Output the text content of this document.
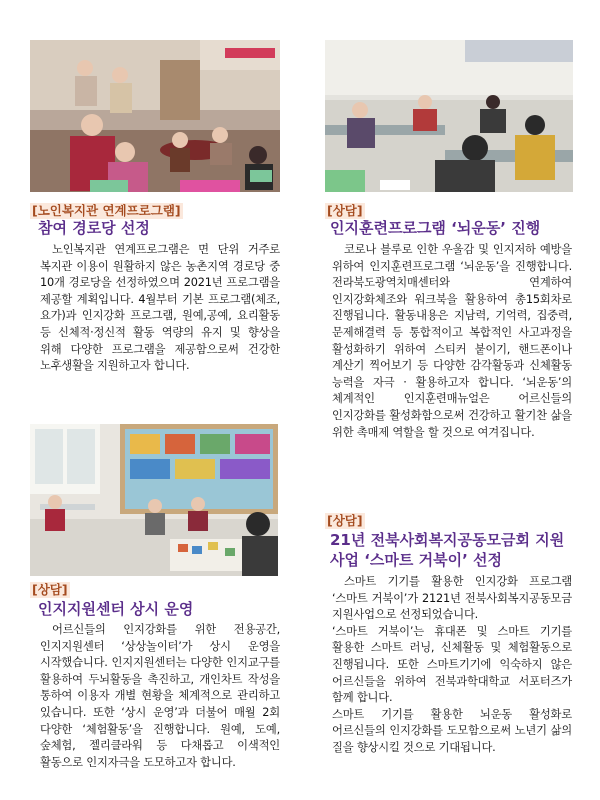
[노인복지관 연계프로그램]
참여 경로당 선정

노인복지관 연계프로그램은 면 단위 거주로 복지관 이용이 원활하지 않은 농촌지역 경로당 중 10개 경로당을 선정하였으며 2021년 프로그램을 제공할 계획입니다. 4월부터 기본 프로그램(체조, 요가)과 인지강화 프로그램, 원예,공예, 요리활동 등 신체적·정신적 활동 역량의 유지 및 향상을 위해 다양한 프로그램을 제공함으로써 건강한 노후생활을 지원하고자 합니다.

[상담]
인지훈련프로그램 ‘뇌운동’ 진행

코로나 블루로 인한 우울감 및 인지저하 예방을 위하여 인지훈련프로그램 ‘뇌운동’을 진행합니다. 전라북도광역치매센터와 연계하여 인지강화체조와 워크북을 활용하여 총15회차로 진행됩니다. 활동내용은 지남력, 기억력, 집중력, 문제해결력 등 통합적이고 복합적인 사고과정을 활성화하기 위하여 스티커 붙이기, 핸드폰이나 계산기 찍어보기 등 다양한 감각활동과 신체활동 능력을 자극 · 활용하고자 합니다. ‘뇌운동’의 체계적인 인지훈련매뉴얼은 어르신들의 인지강화를 활성화함으로써 건강하고 활기찬 삶을 위한 촉매제 역할을 할 것으로 여겨집니다.

[상담]
인지지원센터 상시 운영

어르신들의 인지강화를 위한 전용공간, 인지지원센터 ‘상상놀이터’가 상시 운영을 시작했습니다. 인지지원센터는 다양한 인지교구를 활용하여 두뇌활동을 촉진하고, 개인차트 작성을 통하여 이용자 개별 현황을 체계적으로 관리하고 있습니다. 또한 ‘상시 운영’과 더불어 매월 2회 다양한 ‘체험활동’을 진행합니다. 원예, 도예, 숲체험, 젤리클라워 등 다채롭고 이색적인 활동으로 인지자극을 도모하고자 합니다.

[상담]
21년 전북사회복지공동모금회 지원사업 ‘스마트 거북이’ 선정

스마트 기기를 활용한 인지강화 프로그램 ‘스마트 거북이’가 2121년 전북사회복지공동모금 지원사업으로 선정되었습니다.

‘스마트 거북이’는 휴대폰 및 스마트 기기를 활용한 스마트 러닝, 신체활동 및 체험활동으로 진행됩니다. 또한 스마트기기에 익숙하지 않은 어르신들을 위하여 전북과학대학교 서포터즈가 함께 합니다.

스마트 기기를 활용한 뇌운동 활성화로 어르신들의 인지강화를 도모함으로써 노년기 삶의 질을 향상시킬 것으로 기대됩니다.
